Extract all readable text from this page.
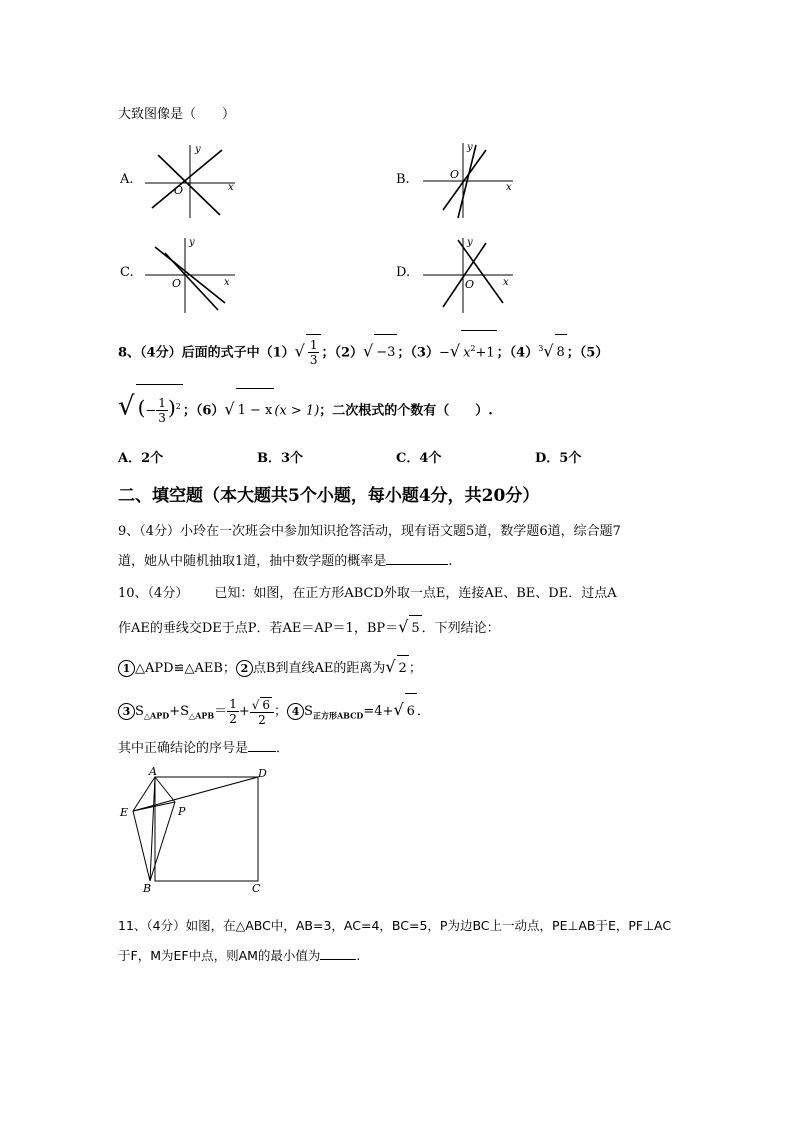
大致图像是（　　）
A.
y
x
O
B.
y
x
O
C.
y
x
O
D.
y
x
O
8、（4分）后面的式子中$(1)√ \frac{1}{3}$ ；（2）√ −3 ；（3）−√ $x^2+1$ ；$(4)^3√$ 8 ；（5）
√ (− $\frac{1}{3} )^2$ ；（6）√ 1 − x (x > 1)；二次根式的个数有（　　）.
A．2个	B．3个	C．4个	D．5个
二、填空题（本大题共5个小题，每小题4分，共20分）
9、（4分）小玲在一次班会中参加知识抢答活动，现有语文题5道，数学题6道，综合题7
道，她从中随机抽取1道，抽中数学题的概率是	.
10、（4分） 已知：如图，在正方形ABCD外取一点E，连接AE、BE、DE．过点A
作AE的垂线交DE于点P．若AE＝AP＝1，BP＝√ 5 ．下列结论：
1 △APD≌△AEB； 2 点B到直线AE的距离为√ 2 ；
3 $S_{\triangle APD}+S_{\triangle APB}= \frac{1}{2} + \frac{√ 6}{2}$ ； 4 $S_{正方形ABCD}=4+√$ 6 ．
其中正确结论的序号是 ．
A	D
E	P
B	C
11、（4分）如图，在△ABC中，AB=3，AC=4，BC=5，P为边BC上一动点，PE⊥AB于E，PF⊥AC
于F，M为EF中点，则AM的最小值为	.
